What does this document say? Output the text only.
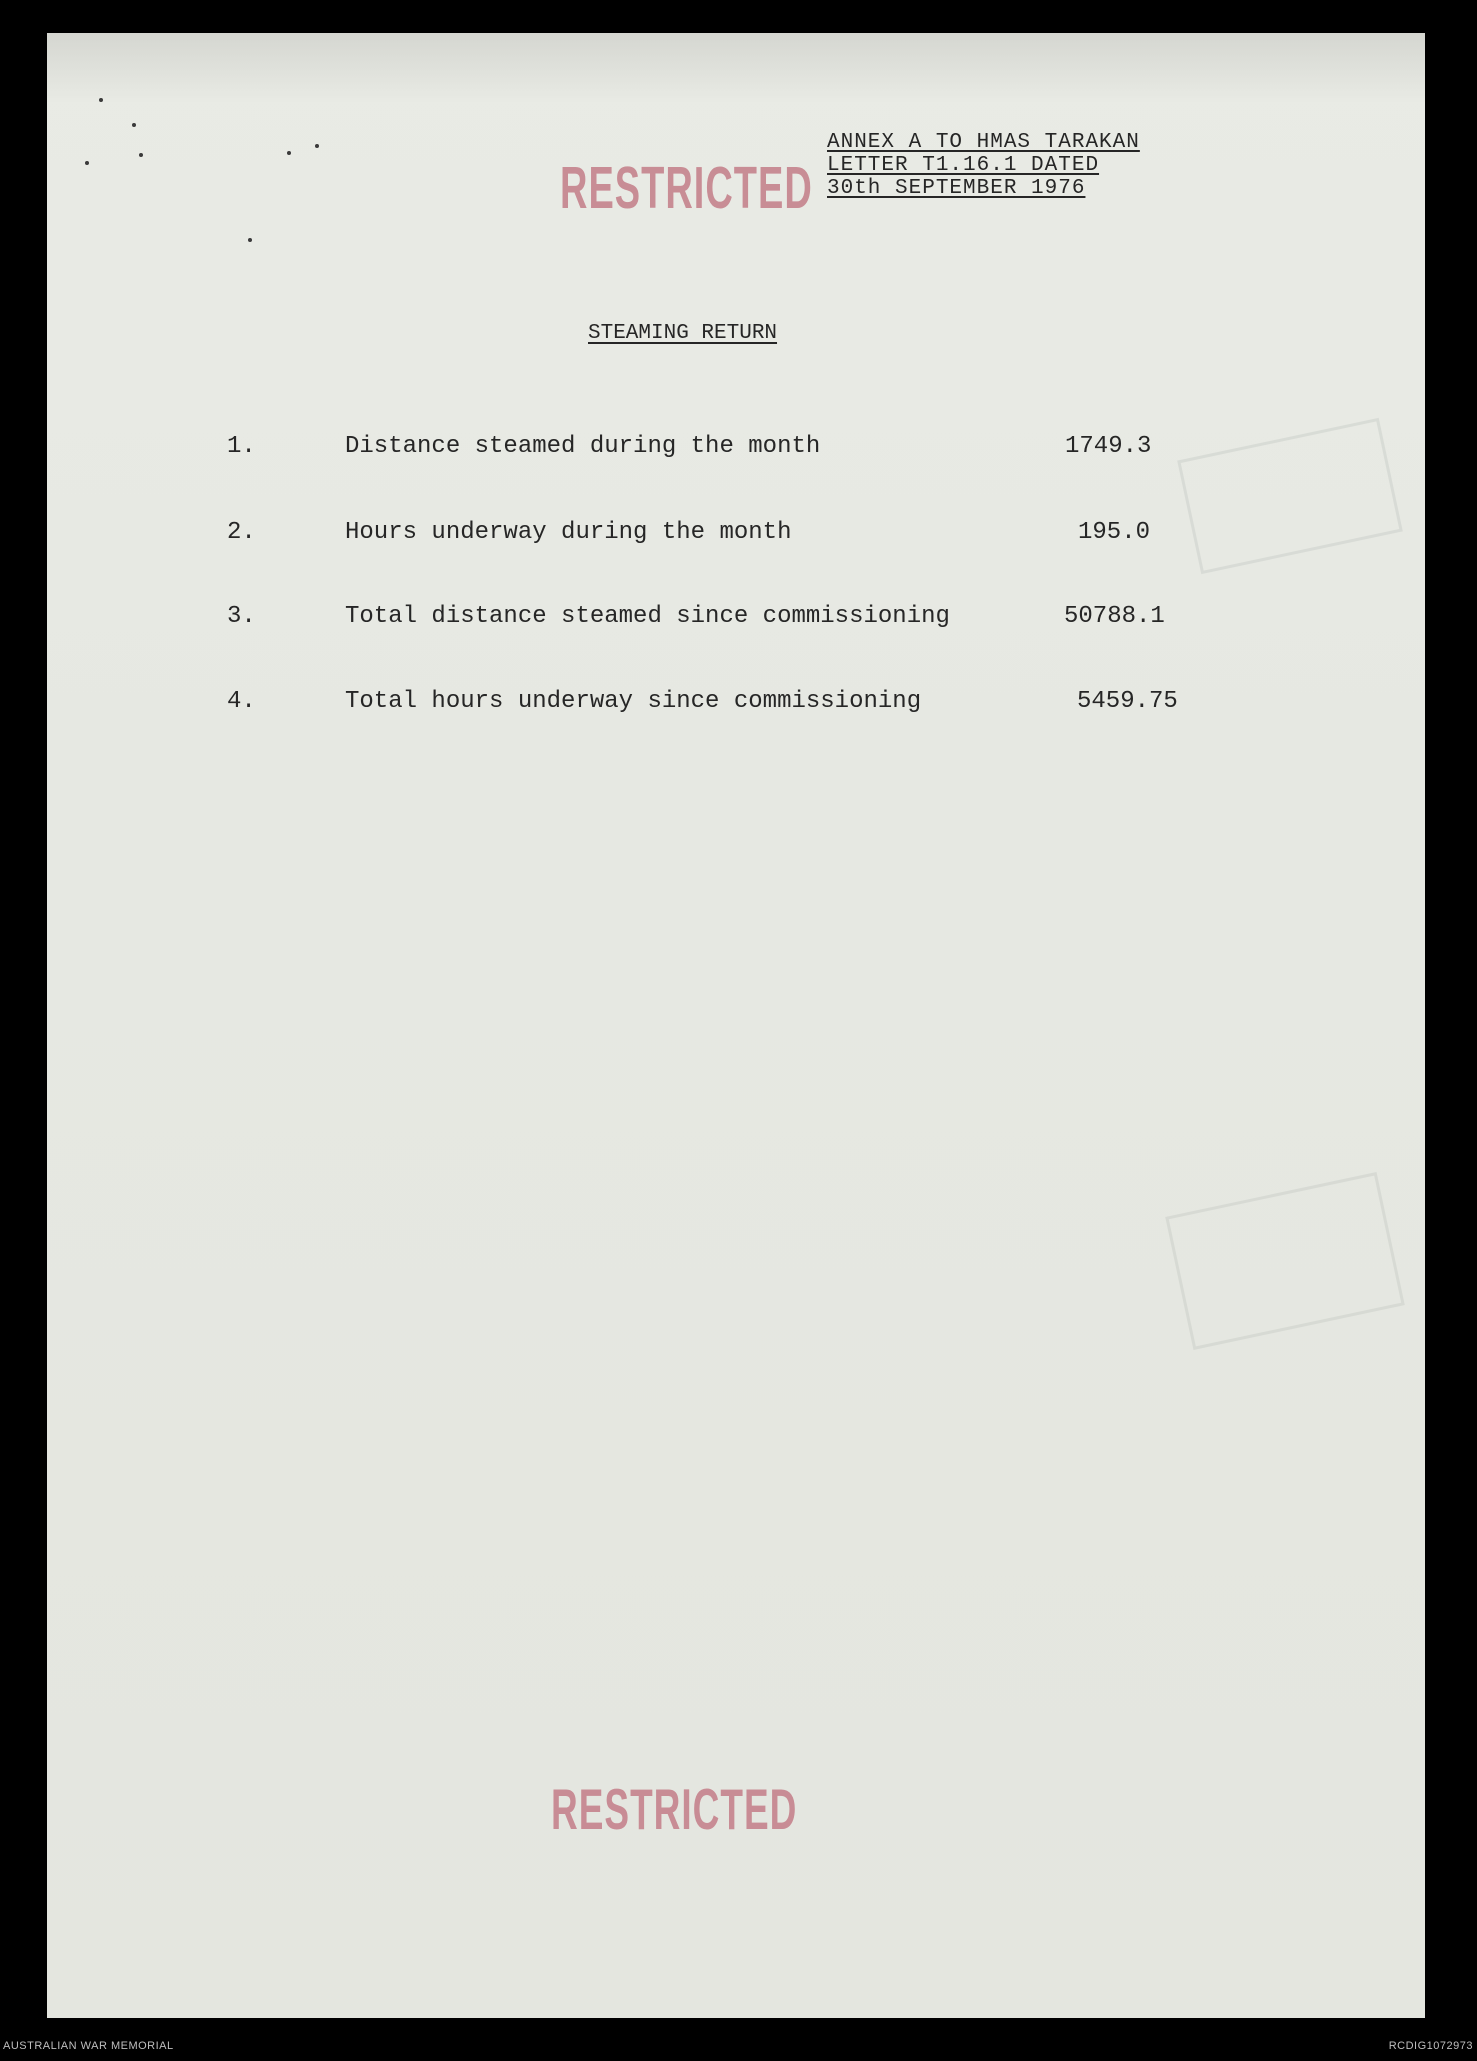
ANNEX A TO HMAS TARAKAN
LETTER T1.16.1 DATED
30th SEPTEMBER 1976
RESTRICTED
STEAMING RETURN
1.	Distance steamed during the month	1749.3
2.	Hours underway during the month	195.0
3.	Total distance steamed since commissioning	50788.1
4.	Total hours underway since commissioning	5459.75
RESTRICTED
AUSTRALIAN WAR MEMORIAL	RCDIG1072973
